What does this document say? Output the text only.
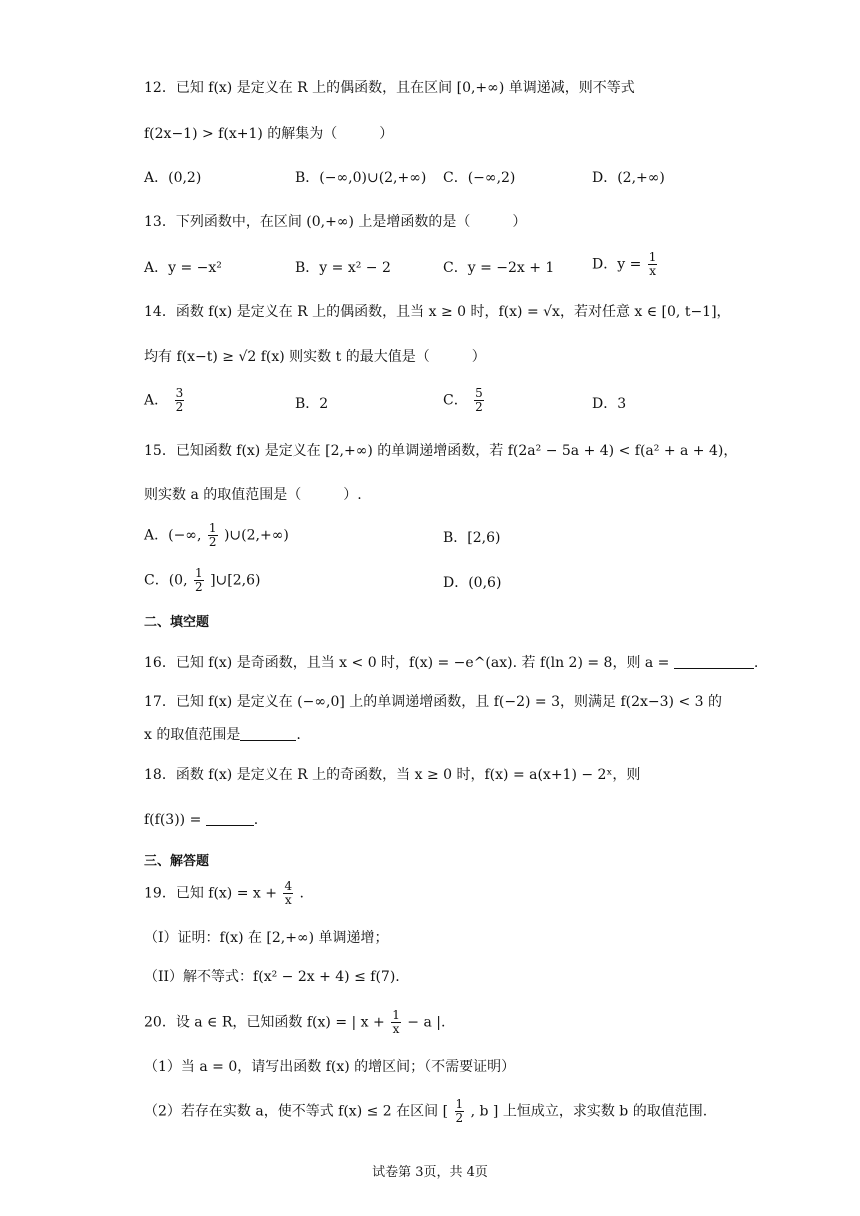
12．已知 f(x) 是定义在 R 上的偶函数，且在区间 [0,+∞) 单调递减，则不等式
f(2x−1) > f(x+1) 的解集为（　　　）
A．(0,2)	B．(−∞,0)∪(2,+∞) C．(−∞,2)	D．(2,+∞)
13．下列函数中，在区间 (0,+∞) 上是增函数的是（　　　）
A．y = −x²	B．y = x² − 2	C．y = −2x + 1	D．$y = \frac{1}{x}$
14．函数 f(x) 是定义在 R 上的偶函数，且当 x ≥ 0 时，f(x) = √x，若对任意 x ∈ [0, t−1]，
均有 f(x−t) ≥ √2 f(x) 则实数 t 的最大值是（　　　）
A． $\frac{3}{2}$	B．2	C． $\frac{5}{2}$	D．3
15．已知函数 f(x) 是定义在 [2,+∞) 的单调递增函数，若 f(2a² − 5a + 4) < f(a² + a + 4)，
则实数 a 的取值范围是（　　　）.
A．(−∞, $\frac{1}{2}$ )∪(2,+∞)	B．[2,6)
C．(0, $\frac{1}{2}$ ]∪[2,6)	D．(0,6)
二、填空题
16．已知 f(x) 是奇函数，且当 x < 0 时，f(x) = −e^(ax). 若 f(ln 2) = 8，则 a =	.
17．已知 f(x) 是定义在 (−∞,0] 上的单调递增函数，且 f(−2) = 3，则满足 f(2x−3) < 3 的
x 的取值范围是	.
18．函数 f(x) 是定义在 R 上的奇函数，当 x ≥ 0 时，f(x) = a(x+1) − 2ˣ，则
f(f(3)) =	.
三、解答题
19．已知 $f(x) = x + \frac{4}{x}$ .
（I）证明：f(x) 在 [2,+∞) 单调递增；
（II）解不等式：f(x² − 2x + 4) ≤ f(7).
20．设 a ∈ R，已知函数 f(x) = | $x + \frac{1}{x} - a$ |.
（1）当 a = 0，请写出函数 f(x) 的增区间；（不需要证明）
（2）若存在实数 a，使不等式 f(x) ≤ 2 在区间 [ $\frac{1}{2}$ , b ] 上恒成立，求实数 b 的取值范围.
试卷第 3页，共 4页
